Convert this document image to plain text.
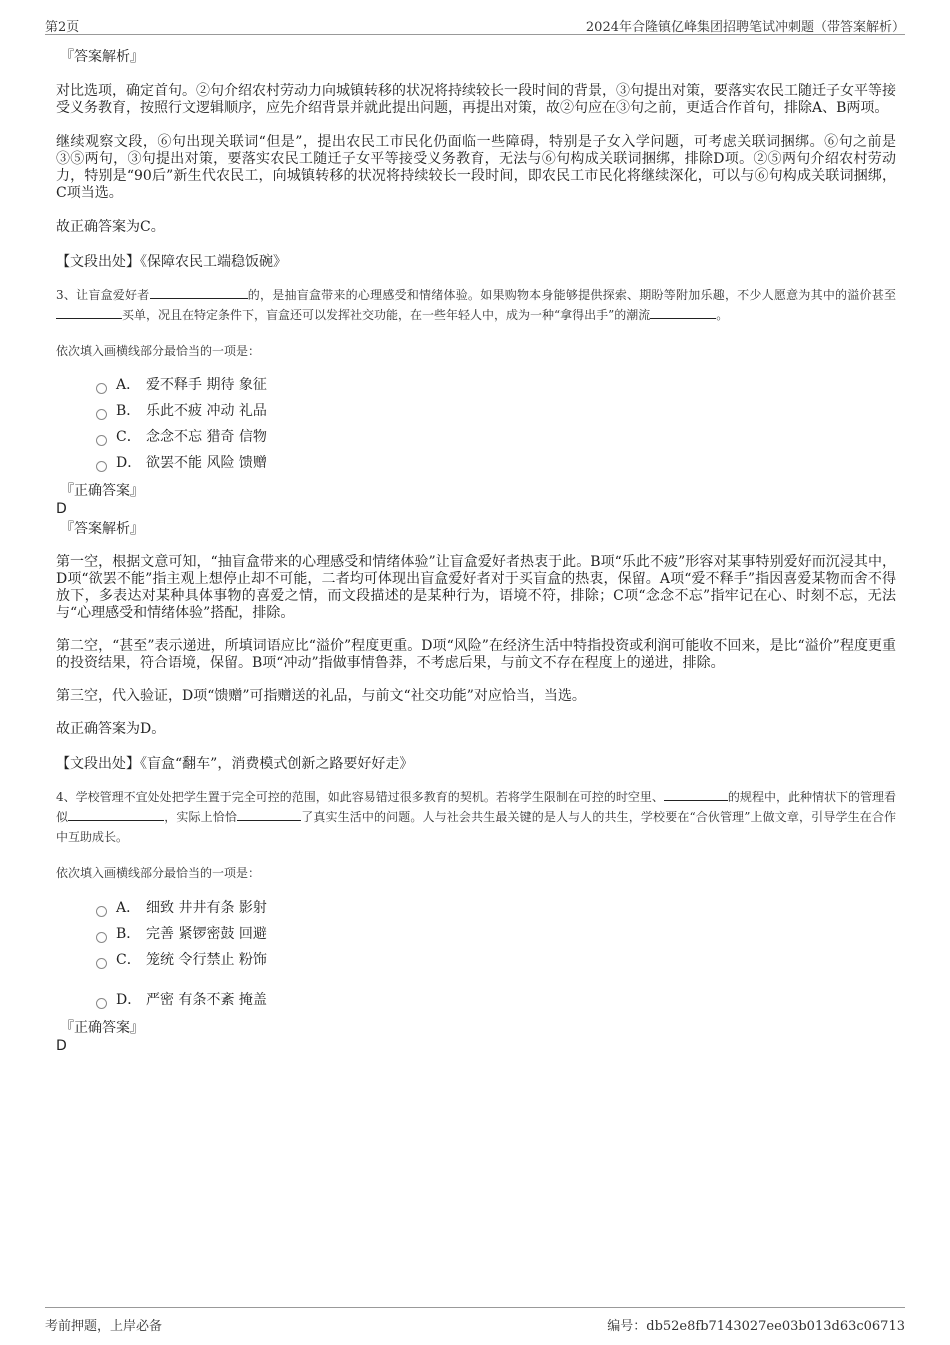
第2页	2024年合隆镇亿峰集团招聘笔试冲刺题（带答案解析）

『答案解析』

对比选项，确定首句。②句介绍农村劳动力向城镇转移的状况将持续较长一段时间的背景，③句提出对策，要落实农民工随迁子女平等接受义务教育，按照行文逻辑顺序，应先介绍背景并就此提出问题，再提出对策，故②句应在③句之前，更适合作首句，排除A、B两项。

继续观察文段，⑥句出现关联词“但是”，提出农民工市民化仍面临一些障碍，特别是子女入学问题，可考虑关联词捆绑。⑥句之前是③⑤两句，③句提出对策，要落实农民工随迁子女平等接受义务教育，无法与⑥句构成关联词捆绑，排除D项。②⑤两句介绍农村劳动力，特别是“90后”新生代农民工，向城镇转移的状况将持续较长一段时间，即农民工市民化将继续深化，可以与⑥句构成关联词捆绑，C项当选。

故正确答案为C。

【文段出处】《保障农民工端稳饭碗》

3、让盲盒爱好者	的，是抽盲盒带来的心理感受和情绪体验。如果购物本身能够提供探索、期盼等附加乐趣，不少人愿意为其中的溢价甚至买单，况且在特定条件下，盲盒还可以发挥社交功能，在一些年轻人中，成为一种“拿得出手”的潮流	。

依次填入画横线部分最恰当的一项是：

A． 爱不释手 期待 象征
B． 乐此不疲 冲动 礼品
C． 念念不忘 猎奇 信物
D． 欲罢不能 风险 馈赠

『正确答案』

D

『答案解析』

第一空，根据文意可知，“抽盲盒带来的心理感受和情绪体验”让盲盒爱好者热衷于此。B项“乐此不疲”形容对某事特别爱好而沉浸其中，D项“欲罢不能”指主观上想停止却不可能，二者均可体现出盲盒爱好者对于买盲盒的热衷，保留。A项“爱不释手”指因喜爱某物而舍不得放下，多表达对某种具体事物的喜爱之情，而文段描述的是某种行为，语境不符，排除；C项“念念不忘”指牢记在心、时刻不忘，无法与“心理感受和情绪体验”搭配，排除。

第二空，“甚至”表示递进，所填词语应比“溢价”程度更重。D项“风险”在经济生活中特指投资或利润可能收不回来，是比“溢价”程度更重的投资结果，符合语境，保留。B项“冲动”指做事情鲁莽，不考虑后果，与前文不存在程度上的递进，排除。

第三空，代入验证，D项“馈赠”可指赠送的礼品，与前文“社交功能”对应恰当，当选。

故正确答案为D。

【文段出处】《盲盒“翻车”，消费模式创新之路要好好走》

4、学校管理不宜处处把学生置于完全可控的范围，如此容易错过很多教育的契机。若将学生限制在可控的时空里、	的规程中，此种情状下的管理看似	，实际上恰恰	了真实生活中的问题。人与社会共生最关键的是人与人的共生，学校要在“合伙管理”上做文章，引导学生在合作中互助成长。

依次填入画横线部分最恰当的一项是：

A． 细致 井井有条 影射
B． 完善 紧锣密鼓 回避
C． 笼统 令行禁止 粉饰
D． 严密 有条不紊 掩盖

『正确答案』

D

考前押题，上岸必备	编号：db52e8fb7143027ee03b013d63c06713
